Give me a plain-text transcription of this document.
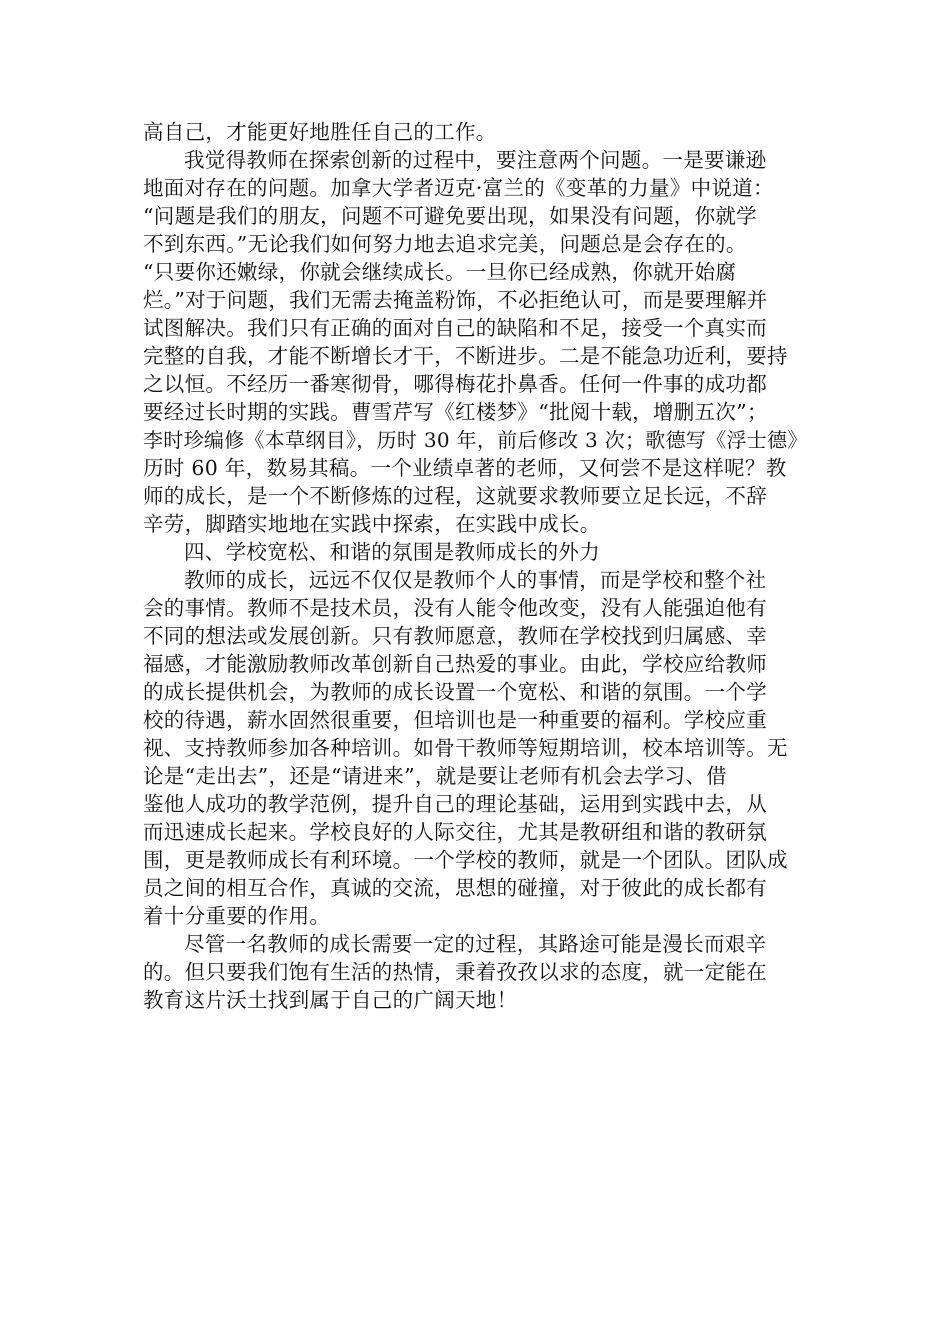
高自己，才能更好地胜任自己的工作。
我觉得教师在探索创新的过程中，要注意两个问题。一是要谦逊
地面对存在的问题。加拿大学者迈克·富兰的《变革的力量》中说道：
“问题是我们的朋友，问题不可避免要出现，如果没有问题，你就学
不到东西。”无论我们如何努力地去追求完美，问题总是会存在的。
“只要你还嫩绿，你就会继续成长。一旦你已经成熟，你就开始腐
烂。”对于问题，我们无需去掩盖粉饰，不必拒绝认可，而是要理解并
试图解决。我们只有正确的面对自己的缺陷和不足，接受一个真实而
完整的自我，才能不断增长才干，不断进步。二是不能急功近利，要持
之以恒。不经历一番寒彻骨，哪得梅花扑鼻香。任何一件事的成功都
要经过长时期的实践。曹雪芹写《红楼梦》“批阅十载，增删五次”；
李时珍编修《本草纲目》，历时 30 年，前后修改 3 次；歌德写《浮士德》
历时 60 年，数易其稿。一个业绩卓著的老师，又何尝不是这样呢？教
师的成长，是一个不断修炼的过程，这就要求教师要立足长远，不辞
辛劳，脚踏实地地在实践中探索，在实践中成长。
四、学校宽松、和谐的氛围是教师成长的外力
教师的成长，远远不仅仅是教师个人的事情，而是学校和整个社
会的事情。教师不是技术员，没有人能令他改变，没有人能强迫他有
不同的想法或发展创新。只有教师愿意，教师在学校找到归属感、幸
福感，才能激励教师改革创新自己热爱的事业。由此，学校应给教师
的成长提供机会，为教师的成长设置一个宽松、和谐的氛围。一个学
校的待遇，薪水固然很重要，但培训也是一种重要的福利。学校应重
视、支持教师参加各种培训。如骨干教师等短期培训，校本培训等。无
论是“走出去”，还是“请进来”，就是要让老师有机会去学习、借
鉴他人成功的教学范例，提升自己的理论基础，运用到实践中去，从
而迅速成长起来。学校良好的人际交往，尤其是教研组和谐的教研氛
围，更是教师成长有利环境。一个学校的教师，就是一个团队。团队成
员之间的相互合作，真诚的交流，思想的碰撞，对于彼此的成长都有
着十分重要的作用。
尽管一名教师的成长需要一定的过程，其路途可能是漫长而艰辛
的。但只要我们饱有生活的热情，秉着孜孜以求的态度，就一定能在
教育这片沃土找到属于自己的广阔天地！
